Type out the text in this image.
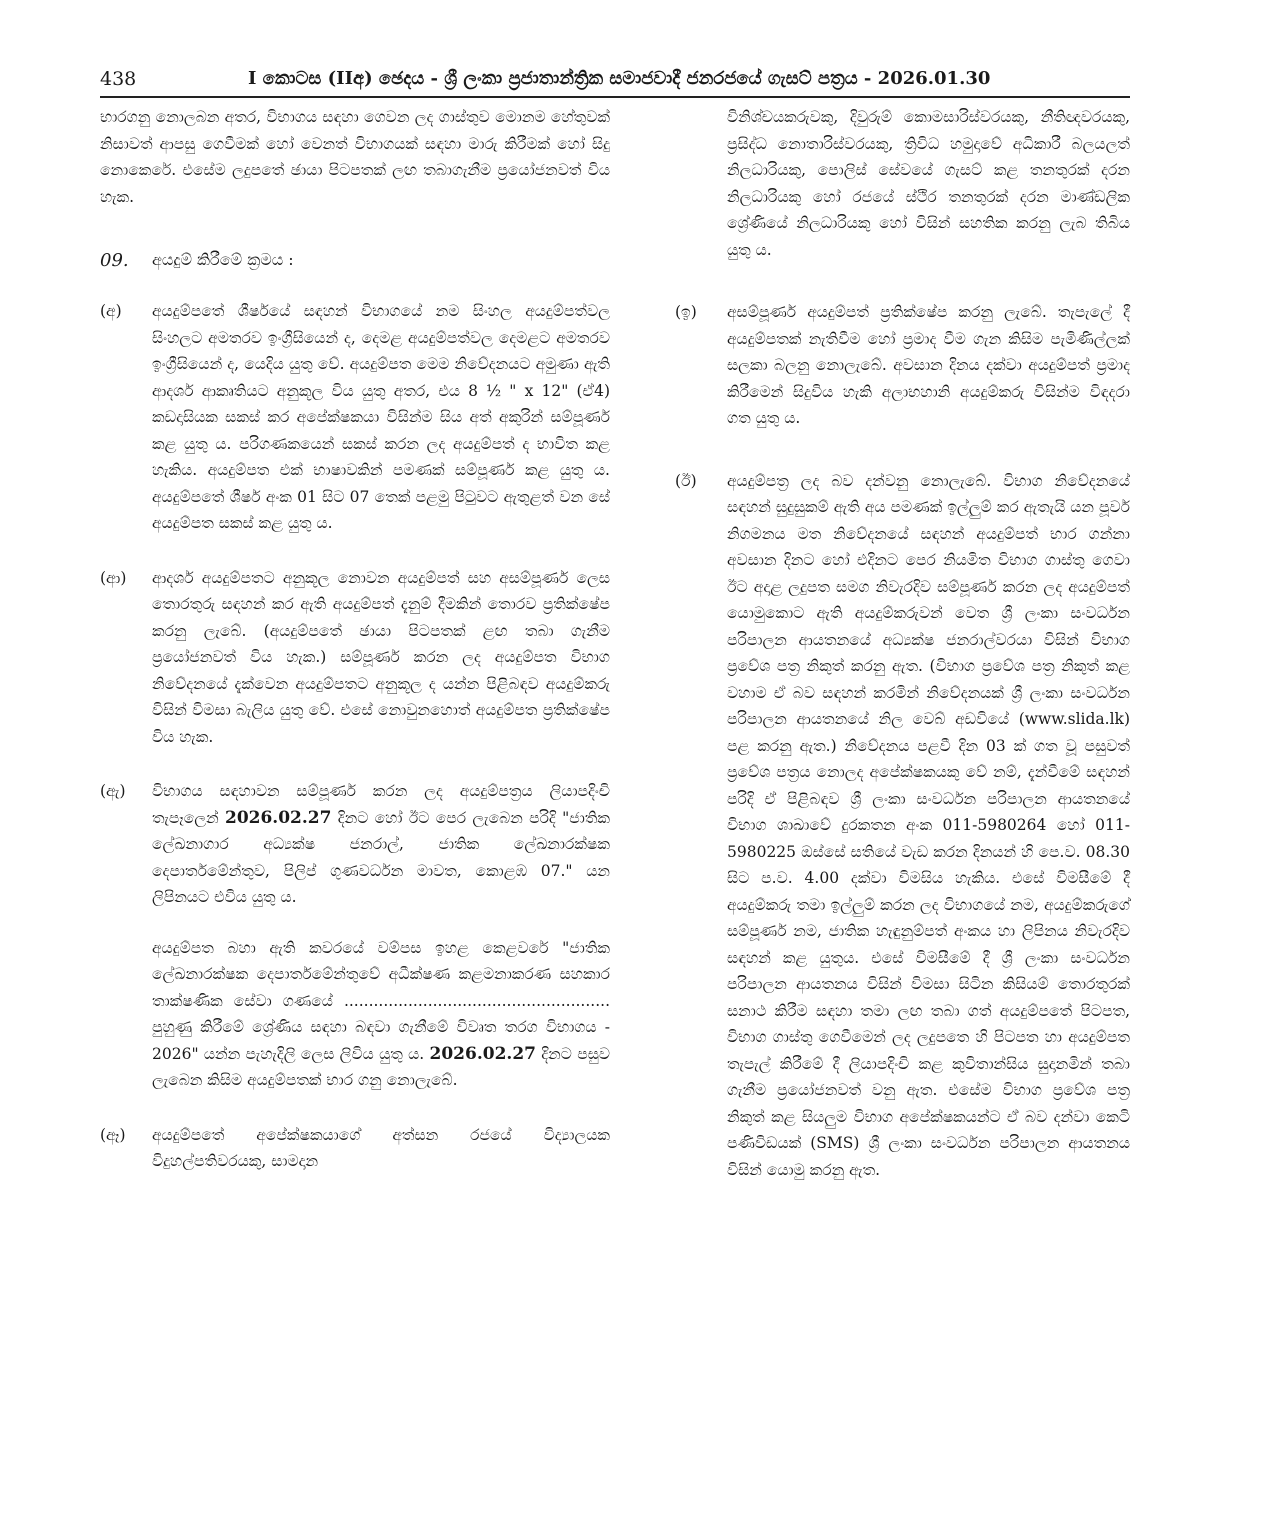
438	I කොටස (IIඅ) ඡෙදය - ශ්‍රී ලංකා ප්‍රජාතාන්ත්‍රික සමාජවාදී ජනරජයේ ගැසට් පත්‍රය - 2026.01.30

භාරගනු නොලබන අතර, විභාගය සඳහා ගෙවන ලද ගාස්තුව මොනම හේතුවක් නිසාවත් ආපසු ගෙවීමක් හෝ වෙනත් විභාගයක් සඳහා මාරු කිරීමක් හෝ සිදු නොකෙරේ. එසේම ලදුපතේ ඡායා පිටපතක් ලඟ තබාගැනීම ප්‍රයෝජනවත් විය හැක.

09. අයදුම් කිරීමේ ක්‍රමය :
(අ) අයදුම්පතේ ශීර්ෂයේ සඳහන් විභාගයේ නම සිංහල අයදුම්පත්වල සිංහලට අමතරව ඉංග්‍රීසියෙන් ද, දෙමළ අයදුම්පත්වල දෙමළට අමතරව ඉංග්‍රීසියෙන් ද, යෙදිය යුතු වේ. අයදුම්පත මෙම නිවේදනයට අමුණා ඇති ආදර්ශ ආකෘතියට අනුකූල විය යුතු අතර, එය 8 ½ " x 12" (ඒ4) කඩදාසියක සකස් කර අපේක්ෂකයා විසින්ම සිය අත් අකුරින් සම්පූර්ණ කළ යුතු ය. පරිගණකයෙන් සකස් කරන ලද අයදුම්පත් ද භාවිත කළ හැකිය. අයදුම්පත එක් භාෂාවකින් පමණක් සම්පූර්ණ කළ යුතු ය. අයදුම්පතේ ශීර්ෂ අංක 01 සිට 07 තෙක් පළමු පිටුවට ඇතුළත් වන සේ අයදුම්පත සකස් කළ යුතු ය.

(ආ) ආදර්ශ අයදුම්පතට අනුකූල නොවන අයදුම්පත් සහ අසම්පූර්ණ ලෙස තොරතුරු සඳහන් කර ඇති අයදුම්පත් දැනුම් දීමකින් තොරව ප්‍රතික්ෂේප කරනු ලැබේ. (අයදුම්පතේ ඡායා පිටපතක් ළඟ තබා ගැනීම ප්‍රයෝජනවත් විය හැක.) සම්පූර්ණ කරන ලද අයදුම්පත විභාග නිවේදනයේ දැක්වෙන අයදුම්පතට අනුකූල ද යන්න පිළිබඳව අයදුම්කරු විසින් විමසා බැලිය යුතු වේ. එසේ නොවුනහොත් අයදුම්පත ප්‍රතික්ෂේප විය හැක.

(ඇ) විභාගය සඳහාවන සම්පූර්ණ කරන ලද අයදුම්පත්‍රය ලියාපදිංචි තැපෑලෙන් 2026.02.27 දිනට හෝ ඊට පෙර ලැබෙන පරිදි "ජාතික ලේඛනාගාර අධ්‍යක්ෂ ජනරාල්, ජාතික ලේඛනාරක්ෂක දෙපාර්තමේන්තුව, පිලිප් ගුණවර්ධන මාවත, කොළඹ 07." යන ලිපිනයට එවිය යුතු ය.

අයදුම්පත බහා ඇති කවරයේ වම්පස ඉහළ කෙළවරේ "ජාතික ලේඛනාරක්ෂක දෙපාර්තමේන්තුවේ අධීක්ෂණ කළමනාකරණ සහකාර තාක්ෂණික සේවා ගණයේ ...................................................... පුහුණු කිරීමේ ශ්‍රේණිය සඳහා බඳවා ගැනීමේ විවෘත තරග විභාගය - 2026" යන්න පැහැදිලි ලෙස ලිවිය යුතු ය. 2026.02.27 දිනට පසුව ලැබෙන කිසිම අයදුම්පතක් භාර ගනු නොලැබේ.

(ඈ) අයදුම්පතේ අපේක්ෂකයාගේ අත්සන රජයේ විද්‍යාලයක විදුහල්පතිවරයකු, සාමදාන

විනිශ්චයකරුවකු, දිවුරුම් කොමසාරිස්වරයකු, නීතිඥවරයකු, ප්‍රසිද්ධ නොතාරිස්වරයකු, ත්‍රිවිධ හමුදාවේ අධිකාරී බලයලත් නිලධාරියකු, පොලිස් සේවයේ ගැසට් කළ තනතුරක් දරන නිලධාරියකු හෝ රජයේ ස්ථිර තනතුරක් දරන මාණ්ඩලික ශ්‍රේණියේ නිලධාරියකු හෝ විසින් සහතික කරනු ලැබ තිබිය යුතු ය.

(ඉ) අසම්පූර්ණ අයදුම්පත් ප්‍රතික්ෂේප කරනු ලැබේ. තැපැලේ දී අයදුම්පතක් නැතිවීම හෝ ප්‍රමාද වීම ගැන කිසිම පැමිණිල්ලක් සලකා බලනු නොලැබේ. අවසාන දිනය දක්වා අයදුම්පත් ප්‍රමාද කිරීමෙන් සිදුවිය හැකි අලාභහානි අයදුම්කරු විසින්ම විඳදරා ගත යුතු ය.

(ඊ) අයදුම්පත්‍ර ලද බව දන්වනු නොලැබේ. විභාග නිවේදනයේ සඳහන් සුදුසුකම් ඇති අය පමණක් ඉල්ලුම් කර ඇතැයි යන පූර්ව නිගමනය මත නිවේදනයේ සඳහන් අයදුම්පත් භාර ගන්නා අවසාන දිනට හෝ එදිනට පෙර නියමිත විභාග ගාස්තු ගෙවා ඊට අදාළ ලදුපත සමග නිවැරදිව සම්පූර්ණ කරන ලද අයදුම්පත් යොමුකොට ඇති අයදුම්කරුවන් වෙත ශ්‍රී ලංකා සංවර්ධන පරිපාලන ආයතනයේ අධ්‍යක්ෂ ජනරාල්වරයා විසින් විභාග ප්‍රවේශ පත්‍ර නිකුත් කරනු ඇත. (විභාග ප්‍රවේශ පත්‍ර නිකුත් කළ වහාම ඒ බව සඳහන් කරමින් නිවේදනයක් ශ්‍රී ලංකා සංවර්ධන පරිපාලන ආයතනයේ නිල වෙබ් අඩවියේ (www.slida.lk) පළ කරනු ඇත.) නිවේදනය පළවී දින 03 ක් ගත වූ පසුවත් ප්‍රවේශ පත්‍රය නොලද අපේක්ෂකයකු වේ නම්, දැන්වීමේ සඳහන් පරිදි ඒ පිළිබඳව ශ්‍රී ලංකා සංවර්ධන පරිපාලන ආයතනයේ විභාග ශාඛාවේ දුරකතන අංක 011-5980264 හෝ 011-5980225 ඔස්සේ සතියේ වැඩ කරන දිනයන් හි පෙ.ව. 08.30 සිට ප.ව. 4.00 දක්වා විමසිය හැකිය. එසේ විමසීමේ දී අයදුම්කරු තමා ඉල්ලුම් කරන ලද විභාගයේ නම, අයදුම්කරුගේ සම්පූර්ණ නම, ජාතික හැඳුනුම්පත් අංකය හා ලිපිනය නිවැරදිව සඳහන් කළ යුතුය. එසේ විමසීමේ දී ශ්‍රී ලංකා සංවර්ධන පරිපාලන ආයතනය විසින් විමසා සිටින කිසියම් තොරතුරක් සනාථ කිරීම සඳහා තමා ලඟ තබා ගත් අයදුම්පතේ පිටපත, විභාග ගාස්තු ගෙවීමෙන් ලද ලදුපතෙ හි පිටපත හා අයදුම්පත තැපැල් කිරීමේ දී ලියාපදිංචි කළ කුවිතාන්සිය සුදානමින් තබා ගැනීම ප්‍රයෝජනවත් වනු ඇත. එසේම විභාග ප්‍රවේශ පත්‍ර නිකුත් කළ සියලුම විභාග අපේක්ෂකයන්ට ඒ බව දන්වා කෙටි පණිවිඩයක් (SMS) ශ්‍රී ලංකා සංවර්ධන පරිපාලන ආයතනය විසින් යොමු කරනු ඇත.
